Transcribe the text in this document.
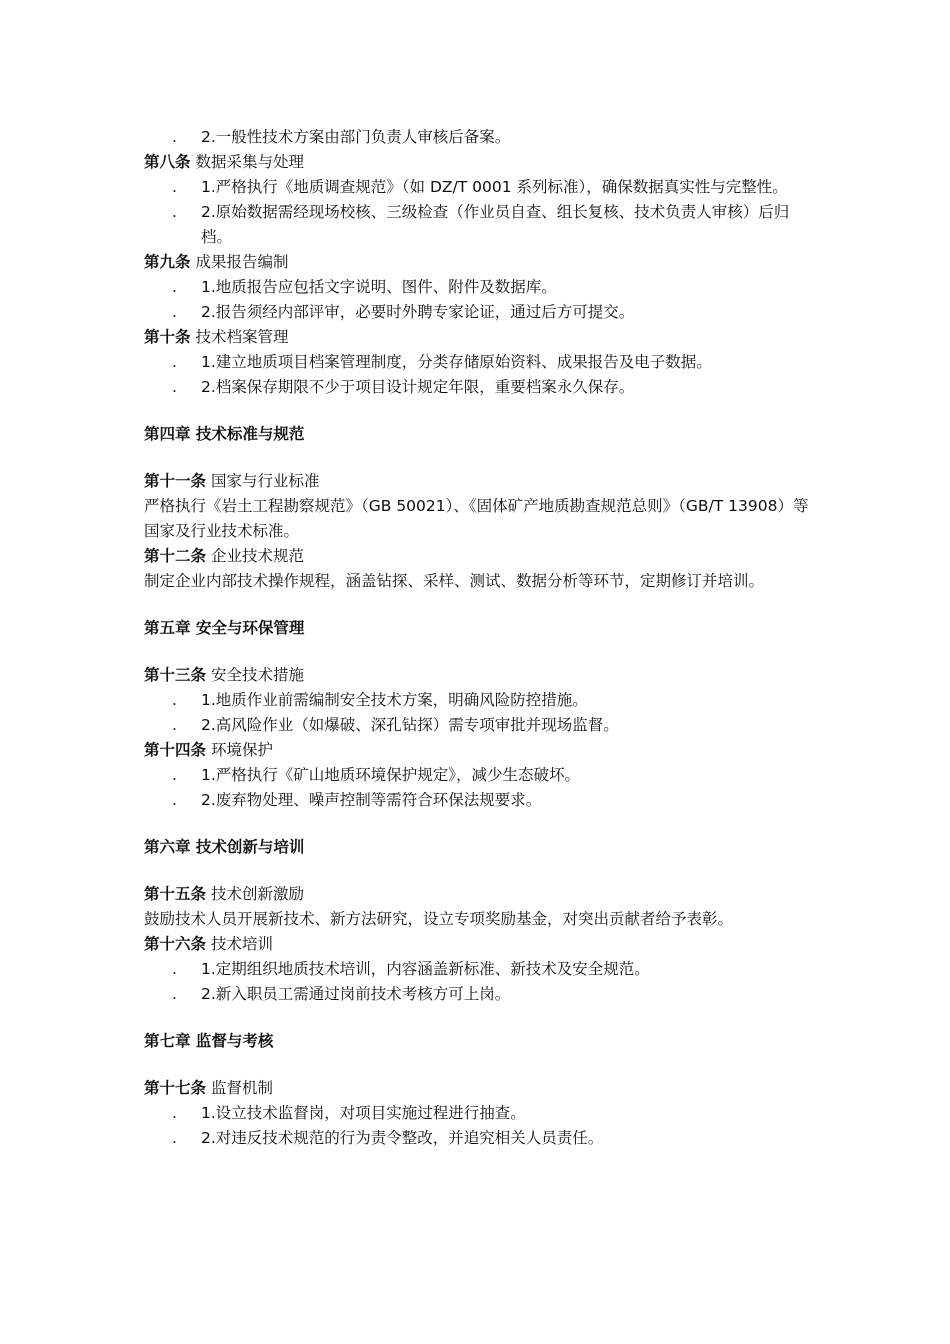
. 2.一般性技术方案由部门负责人审核后备案。
第八条 数据采集与处理
. 1.严格执行《地质调查规范》（如 DZ/T 0001 系列标准），确保数据真实性与完整性。
. 2.原始数据需经现场校核、三级检查（作业员自查、组长复核、技术负责人审核）后归档。
第九条 成果报告编制
. 1.地质报告应包括文字说明、图件、附件及数据库。
. 2.报告须经内部评审，必要时外聘专家论证，通过后方可提交。
第十条 技术档案管理
. 1.建立地质项目档案管理制度，分类存储原始资料、成果报告及电子数据。
. 2.档案保存期限不少于项目设计规定年限，重要档案永久保存。
第四章 技术标准与规范
第十一条 国家与行业标准
严格执行《岩土工程勘察规范》（GB 50021）、《固体矿产地质勘查规范总则》（GB/T 13908）等国家及行业技术标准。
第十二条 企业技术规范
制定企业内部技术操作规程，涵盖钻探、采样、测试、数据分析等环节，定期修订并培训。
第五章 安全与环保管理
第十三条 安全技术措施
. 1.地质作业前需编制安全技术方案，明确风险防控措施。
. 2.高风险作业（如爆破、深孔钻探）需专项审批并现场监督。
第十四条 环境保护
. 1.严格执行《矿山地质环境保护规定》，减少生态破坏。
. 2.废弃物处理、噪声控制等需符合环保法规要求。
第六章 技术创新与培训
第十五条 技术创新激励
鼓励技术人员开展新技术、新方法研究，设立专项奖励基金，对突出贡献者给予表彰。
第十六条 技术培训
. 1.定期组织地质技术培训，内容涵盖新标准、新技术及安全规范。
. 2.新入职员工需通过岗前技术考核方可上岗。
第七章 监督与考核
第十七条 监督机制
. 1.设立技术监督岗，对项目实施过程进行抽查。
. 2.对违反技术规范的行为责令整改，并追究相关人员责任。
